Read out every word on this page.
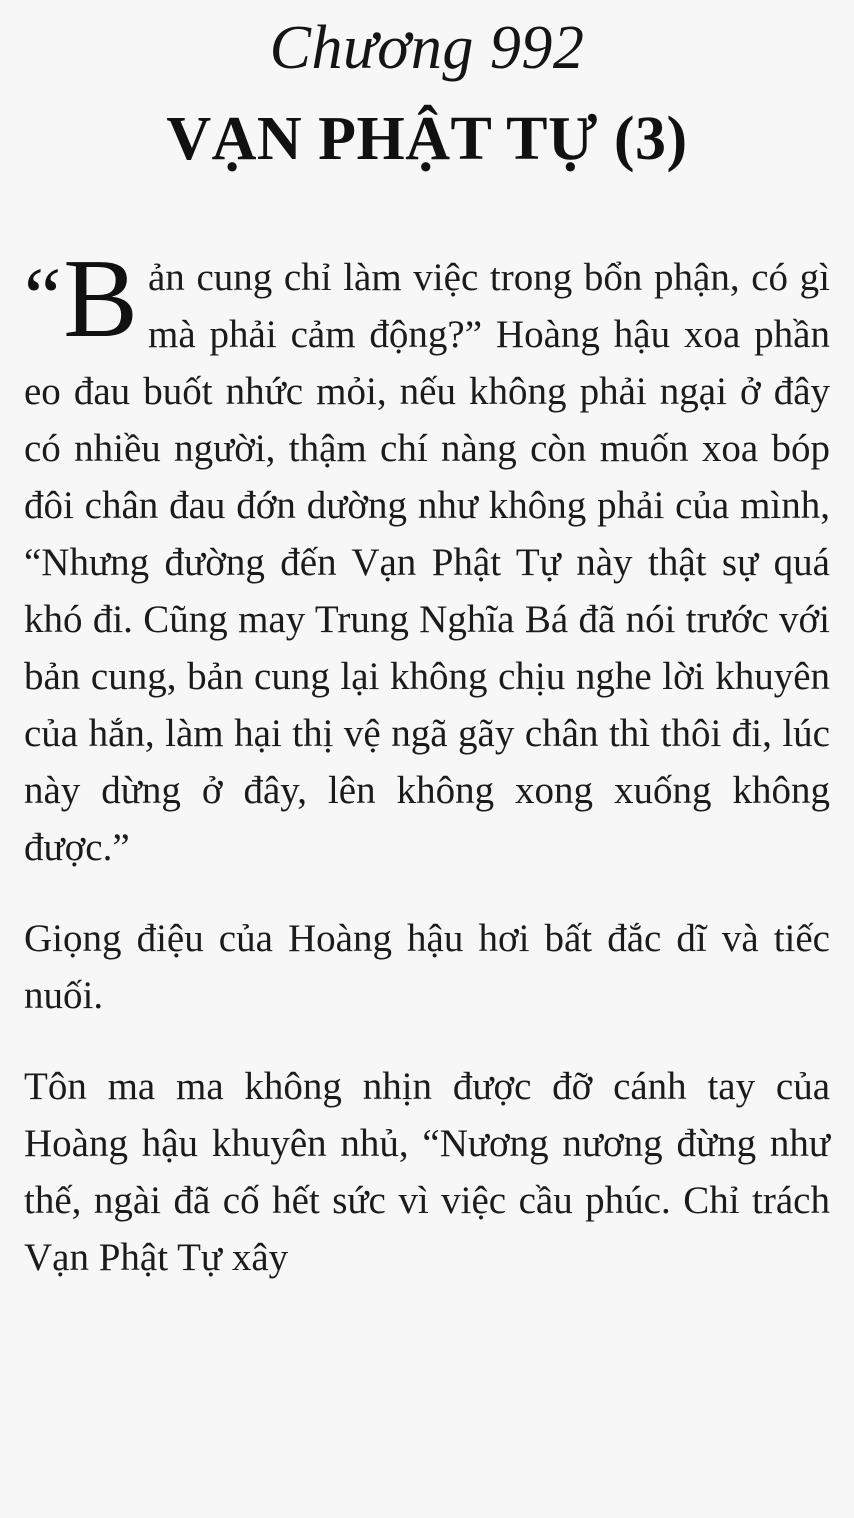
Chương 992
VẠN PHẬT TỰ (3)

“ B ản cung chỉ làm việc trong bổn phận, có gì mà phải cảm động?” Hoàng hậu xoa phần eo đau buốt nhức mỏi, nếu không phải ngại ở đây có nhiều người, thậm chí nàng còn muốn xoa bóp đôi chân đau đớn dường như không phải của mình, “Nhưng đường đến Vạn Phật Tự này thật sự quá khó đi. Cũng may Trung Nghĩa Bá đã nói trước với bản cung, bản cung lại không chịu nghe lời khuyên của hắn, làm hại thị vệ ngã gãy chân thì thôi đi, lúc này dừng ở đây, lên không xong xuống không được.”

Giọng điệu của Hoàng hậu hơi bất đắc dĩ và tiếc nuối.

Tôn ma ma không nhịn được đỡ cánh tay của Hoàng hậu khuyên nhủ, “Nương nương đừng như thế, ngài đã cố hết sức vì việc cầu phúc. Chỉ trách Vạn Phật Tự xây
